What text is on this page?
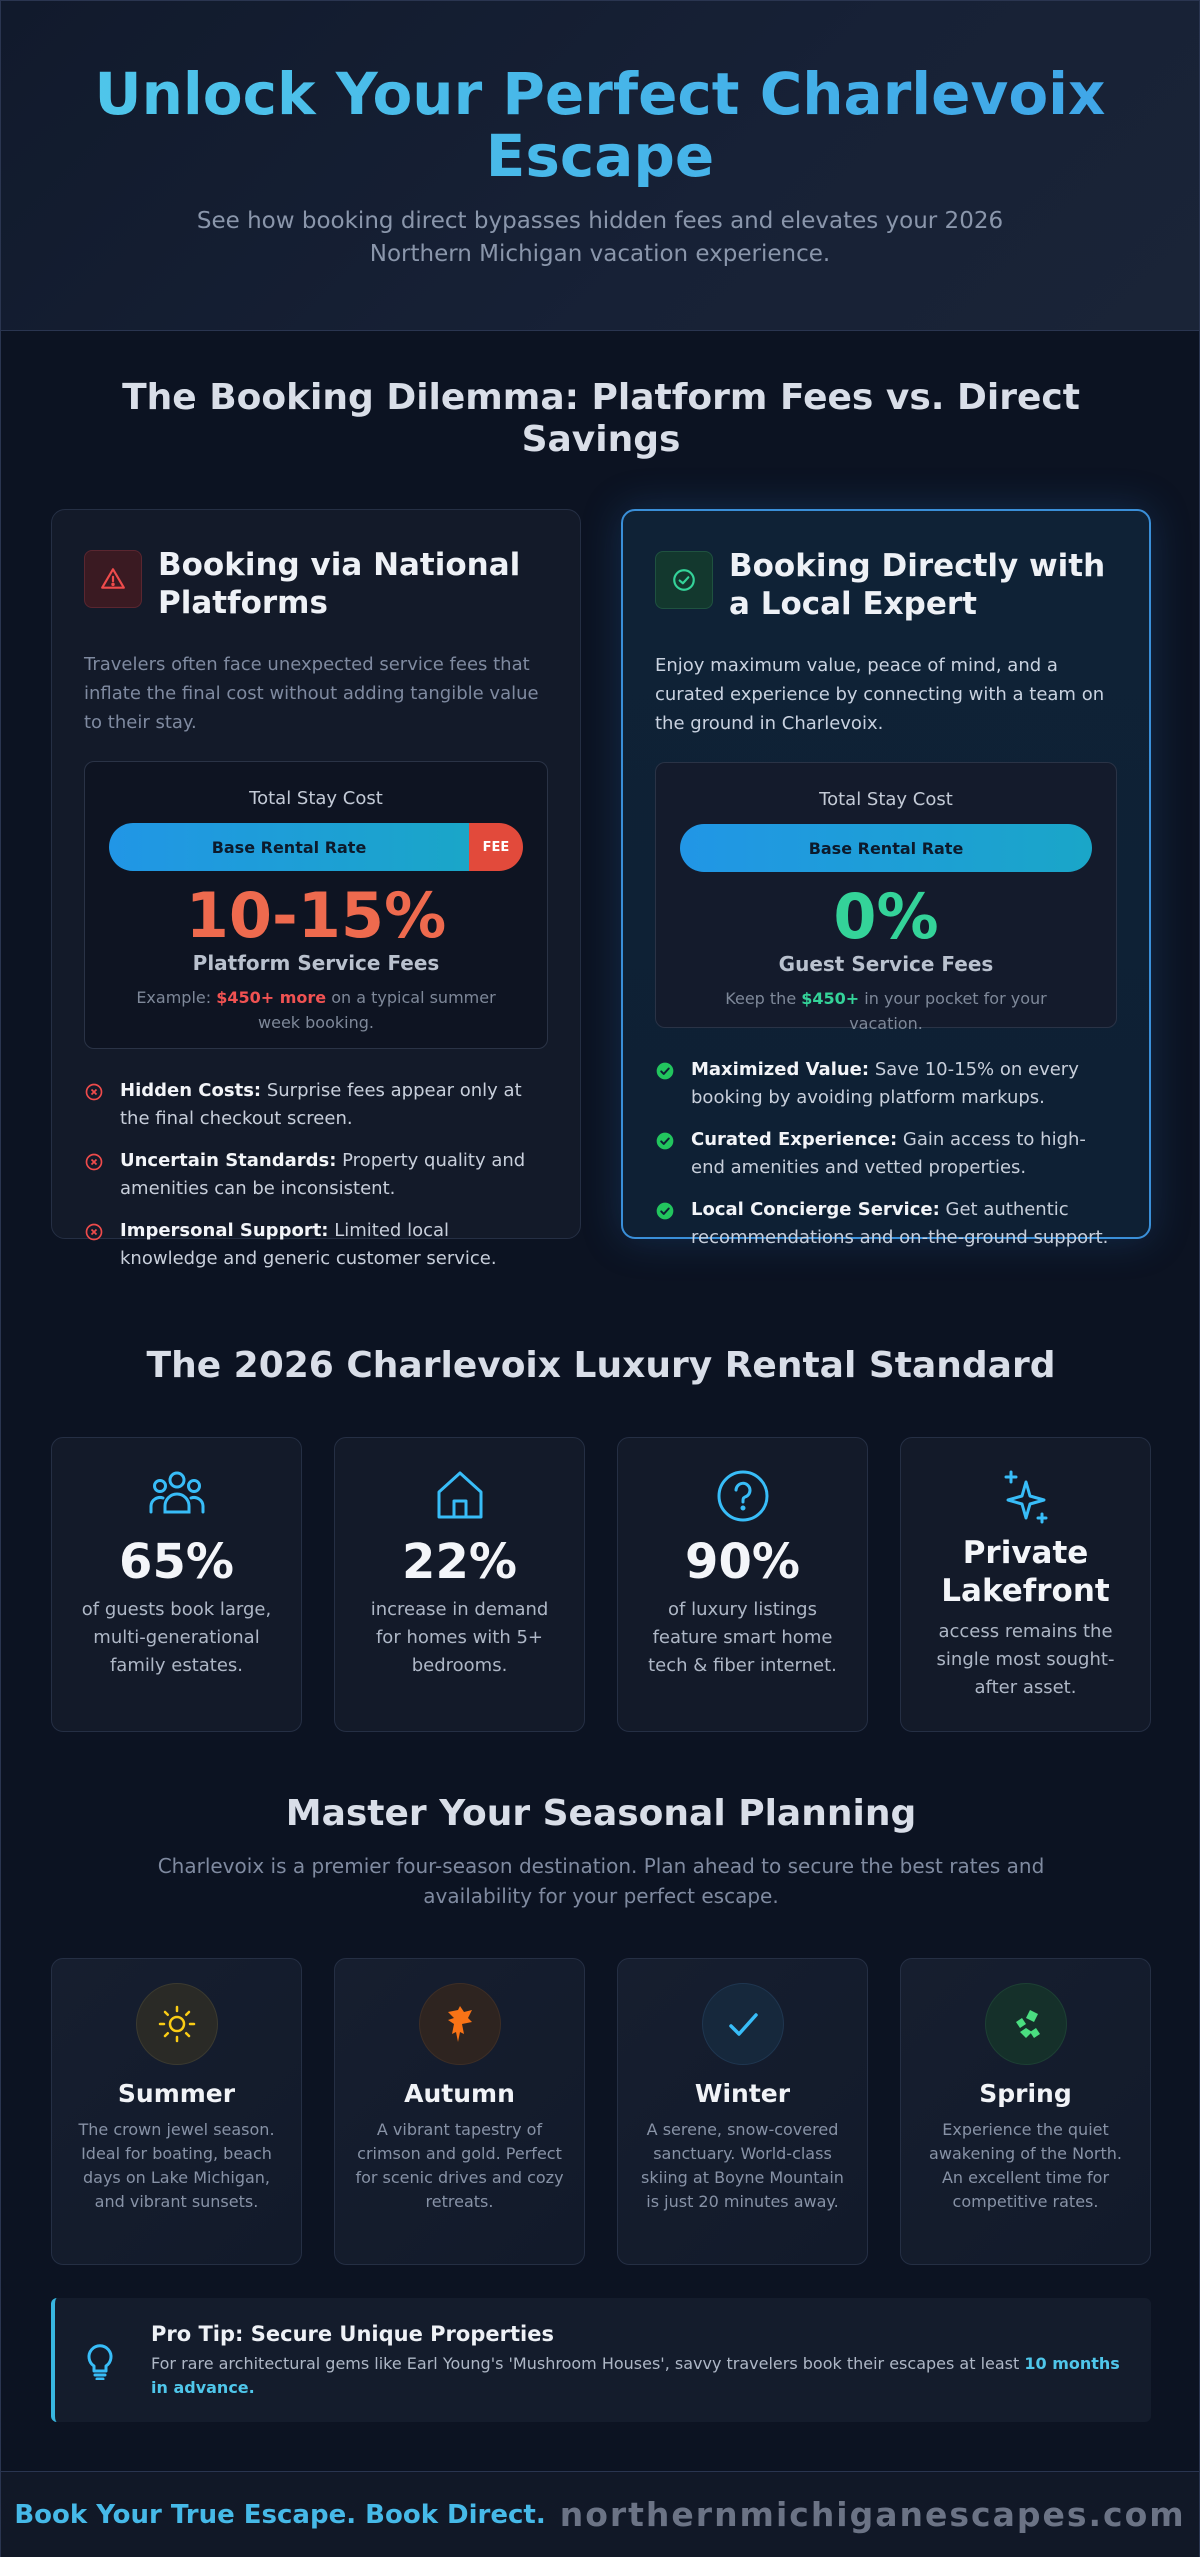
Unlock Your Perfect Charlevoix Escape

See how booking direct bypasses hidden fees and elevates your 2026 Northern Michigan vacation experience.

The Booking Dilemma: Platform Fees vs. Direct Savings
Booking via National Platforms

Travelers often face unexpected service fees that inflate the final cost without adding tangible value to their stay.

Total Stay Cost
Base Rental Rate	FEE
10-15%
Platform Service Fees
Example: $450+ more on a typical summer week booking.
Hidden Costs: Surprise fees appear only at the final checkout screen.
Uncertain Standards: Property quality and amenities can be inconsistent.
Impersonal Support: Limited local knowledge and generic customer service.
Booking Directly with a Local Expert

Enjoy maximum value, peace of mind, and a curated experience by connecting with a team on the ground in Charlevoix.

Total Stay Cost
Base Rental Rate
0%
Guest Service Fees
Keep the $450+ in your pocket for your vacation.
Maximized Value: Save 10-15% on every booking by avoiding platform markups.
Curated Experience: Gain access to high-end amenities and vetted properties.
Local Concierge Service: Get authentic recommendations and on-the-ground support.
The 2026 Charlevoix Luxury Rental Standard
65%
of guests book large, multi-generational family estates.
22%
increase in demand for homes with 5+ bedrooms.
90%
of luxury listings feature smart home tech & fiber internet.
Private Lakefront
access remains the single most sought-after asset.
Master Your Seasonal Planning

Charlevoix is a premier four-season destination. Plan ahead to secure the best rates and availability for your perfect escape.

Summer
The crown jewel season. Ideal for boating, beach days on Lake Michigan, and vibrant sunsets.
Autumn
A vibrant tapestry of crimson and gold. Perfect for scenic drives and cozy retreats.
Winter
A serene, snow-covered sanctuary. World-class skiing at Boyne Mountain is just 20 minutes away.
Spring
Experience the quiet awakening of the North. An excellent time for competitive rates.
Pro Tip: Secure Unique Properties
For rare architectural gems like Earl Young's 'Mushroom Houses', savvy travelers book their escapes at least 10 months in advance.
Book Your True Escape. Book Direct. northernmichiganescapes.com
